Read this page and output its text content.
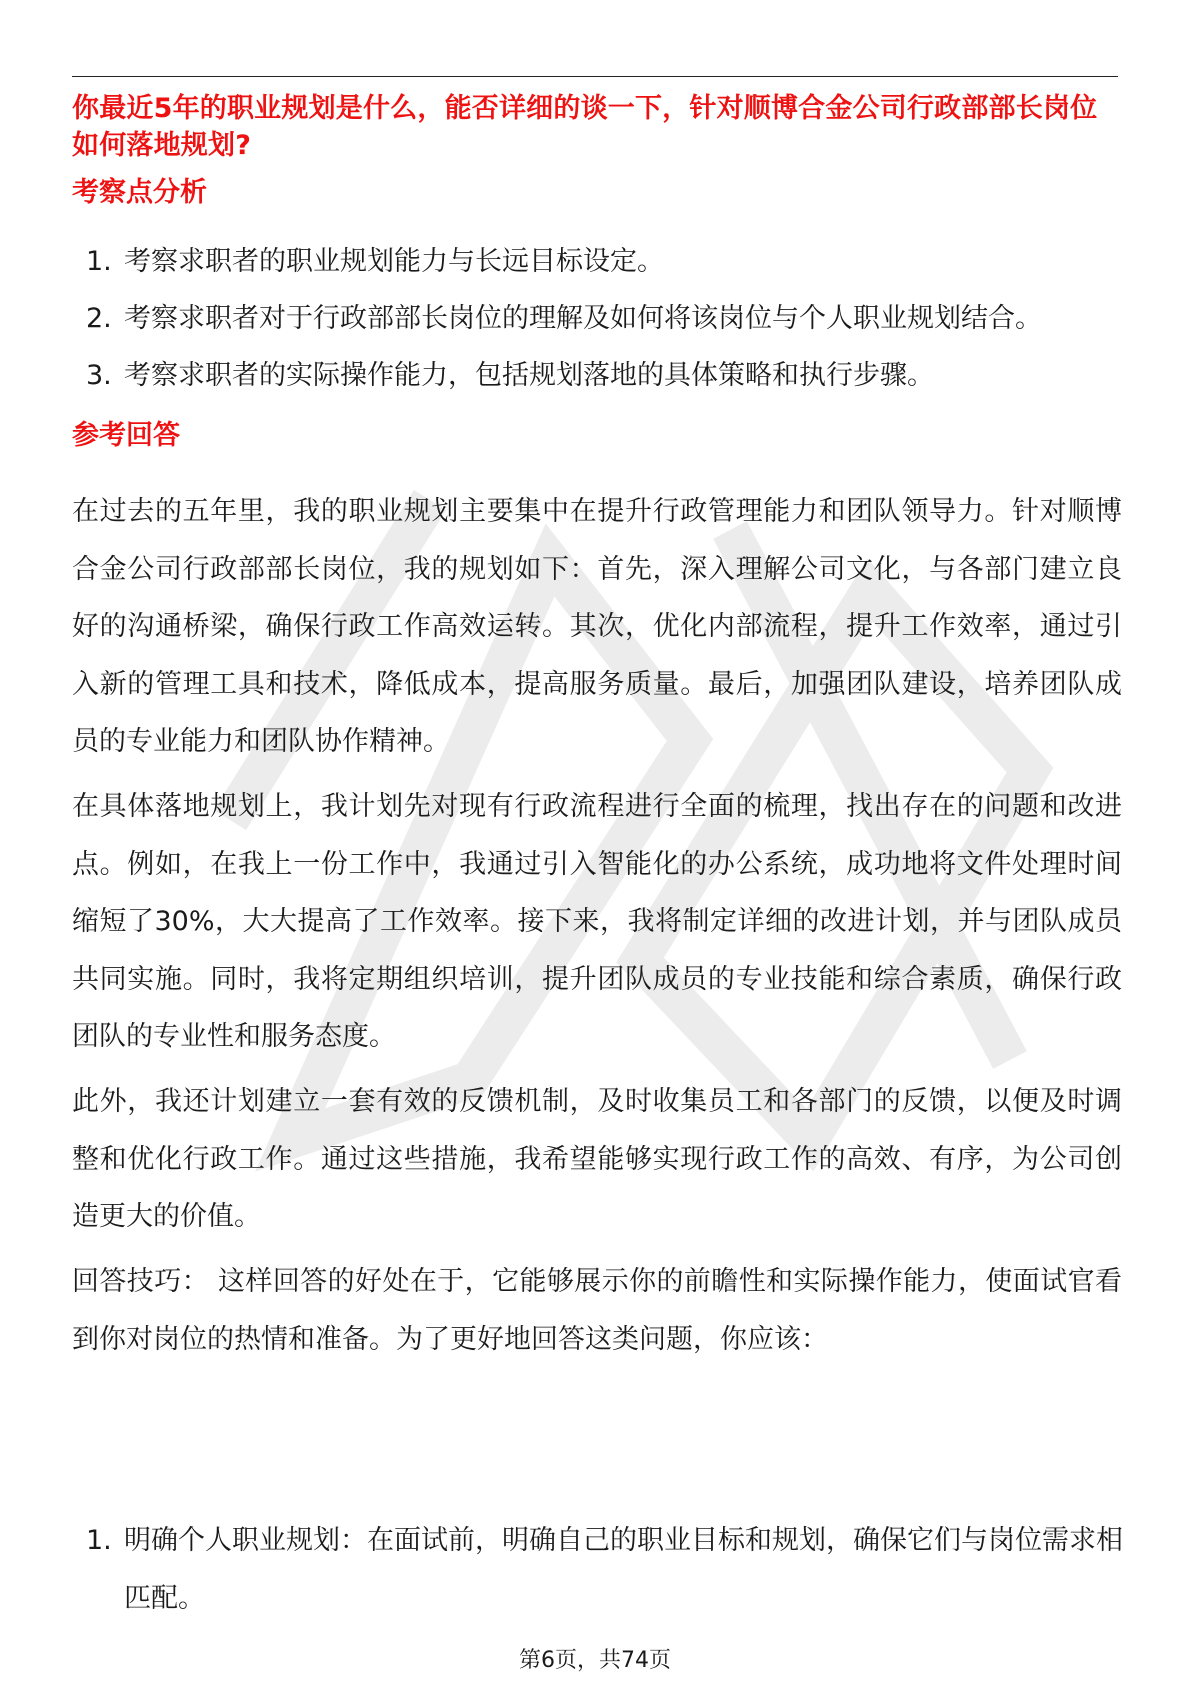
你最近5年的职业规划是什么，能否详细的谈一下，针对顺博合金公司行政部部长岗位如何落地规划?
考察点分析
1. 考察求职者的职业规划能力与长远目标设定。
2. 考察求职者对于行政部部长岗位的理解及如何将该岗位与个人职业规划结合。
3. 考察求职者的实际操作能力，包括规划落地的具体策略和执行步骤。
参考回答

在过去的五年里，我的职业规划主要集中在提升行政管理能力和团队领导力。针对顺博合金公司行政部部长岗位，我的规划如下：首先，深入理解公司文化，与各部门建立良好的沟通桥梁，确保行政工作高效运转。其次，优化内部流程，提升工作效率，通过引入新的管理工具和技术，降低成本，提高服务质量。最后，加强团队建设，培养团队成员的专业能力和团队协作精神。

在具体落地规划上，我计划先对现有行政流程进行全面的梳理，找出存在的问题和改进点。例如，在我上一份工作中，我通过引入智能化的办公系统，成功地将文件处理时间缩短了30%，大大提高了工作效率。接下来，我将制定详细的改进计划，并与团队成员共同实施。同时，我将定期组织培训，提升团队成员的专业技能和综合素质，确保行政团队的专业性和服务态度。

此外，我还计划建立一套有效的反馈机制，及时收集员工和各部门的反馈，以便及时调整和优化行政工作。通过这些措施，我希望能够实现行政工作的高效、有序，为公司创造更大的价值。

回答技巧： 这样回答的好处在于，它能够展示你的前瞻性和实际操作能力，使面试官看到你对岗位的热情和准备。为了更好地回答这类问题，你应该：

1. 明确个人职业规划：在面试前，明确自己的职业目标和规划，确保它们与岗位需求相匹配。
第6页，共74页
